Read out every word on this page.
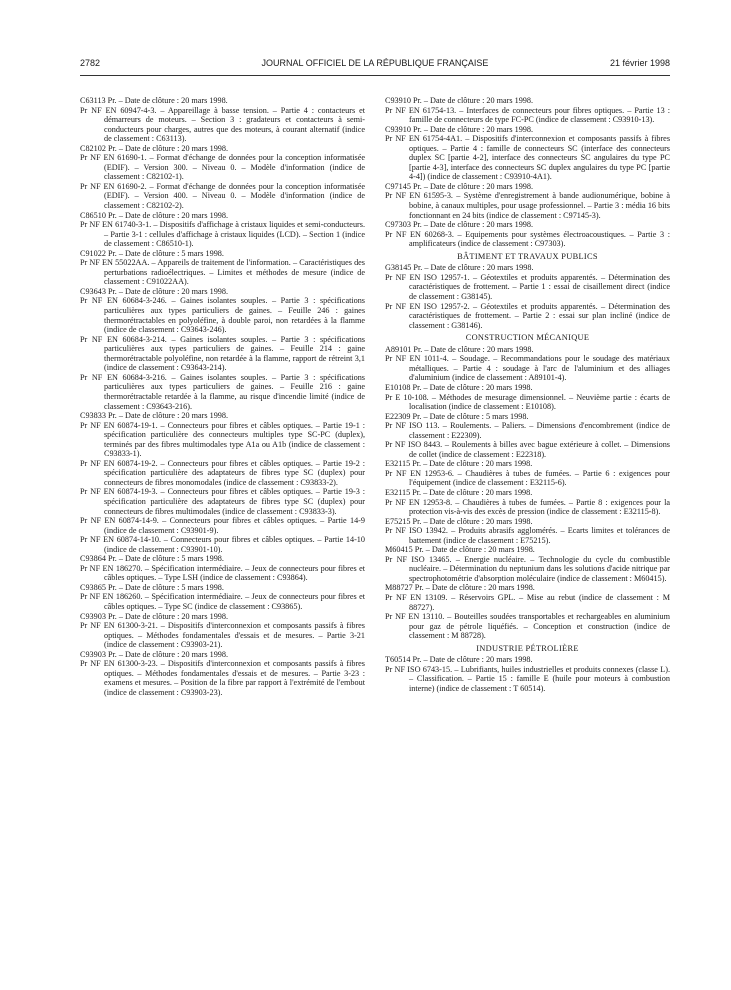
2782	JOURNAL OFFICIEL DE LA RÉPUBLIQUE FRANÇAISE	21 février 1998
C63113 Pr. – Date de clôture : 20 mars 1998.
Pr NF EN 60947-4-3. – Appareillage à basse tension. – Partie 4 : contacteurs et démarreurs de moteurs. – Section 3 : gradateurs et contacteurs à semi-conducteurs pour charges, autres que des moteurs, à courant alternatif (indice de classement : C63113).
C82102 Pr. – Date de clôture : 20 mars 1998.
Pr NF EN 61690-1. – Format d'échange de données pour la conception informatisée (EDIF). – Version 300. – Niveau 0. – Modèle d'information (indice de classement : C82102-1).
Pr NF EN 61690-2. – Format d'échange de données pour la conception informatisée (EDIF). – Version 400. – Niveau 0. – Modèle d'information (indice de classement : C82102-2).
C86510 Pr. – Date de clôture : 20 mars 1998.
Pr NF EN 61740-3-1. – Dispositifs d'affichage à cristaux liquides et semi-conducteurs. – Partie 3-1 : cellules d'affichage à cristaux liquides (LCD). – Section 1 (indice de classement : C86510-1).
C91022 Pr. – Date de clôture : 5 mars 1998.
Pr NF EN 55022AA. – Appareils de traitement de l'information. – Caractéristiques des perturbations radioélectriques. – Limites et méthodes de mesure (indice de classement : C91022AA).
C93643 Pr. – Date de clôture : 20 mars 1998.
Pr NF EN 60684-3-246. – Gaines isolantes souples. – Partie 3 : spécifications particulières aux types particuliers de gaines. – Feuille 246 : gaines thermorétractables en polyoléfine, à double paroi, non retardées à la flamme (indice de classement : C93643-246).
Pr NF EN 60684-3-214. – Gaines isolantes souples. – Partie 3 : spécifications particulières aux types particuliers de gaines. – Feuille 214 : gaine thermorétractable polyoléfine, non retardée à la flamme, rapport de rétreint 3,1 (indice de classement : C93643-214).
Pr NF EN 60684-3-216. – Gaines isolantes souples. – Partie 3 : spécifications particulières aux types particuliers de gaines. – Feuille 216 : gaine thermorétractable retardée à la flamme, au risque d'incendie limité (indice de classement : C93643-216).
C93833 Pr. – Date de clôture : 20 mars 1998.
Pr NF EN 60874-19-1. – Connecteurs pour fibres et câbles optiques. – Partie 19-1 : spécification particulière des connecteurs multiples type SC-PC (duplex), terminés par des fibres multimodales type A1a ou A1b (indice de classement : C93833-1).
Pr NF EN 60874-19-2. – Connecteurs pour fibres et câbles optiques. – Partie 19-2 : spécification particulière des adaptateurs de fibres type SC (duplex) pour connecteurs de fibres monomodales (indice de classement : C93833-2).
Pr NF EN 60874-19-3. – Connecteurs pour fibres et câbles optiques. – Partie 19-3 : spécification particulière des adaptateurs de fibres type SC (duplex) pour connecteurs de fibres multimodales (indice de classement : C93833-3).
Pr NF EN 60874-14-9. – Connecteurs pour fibres et câbles optiques. – Partie 14-9 (indice de classement : C93901-9).
Pr NF EN 60874-14-10. – Connecteurs pour fibres et câbles optiques. – Partie 14-10 (indice de classement : C93901-10).
C93864 Pr. – Date de clôture : 5 mars 1998.
Pr NF EN 186270. – Spécification intermédiaire. – Jeux de connecteurs pour fibres et câbles optiques. – Type LSH (indice de classement : C93864).
C93865 Pr. – Date de clôture : 5 mars 1998.
Pr NF EN 186260. – Spécification intermédiaire. – Jeux de connecteurs pour fibres et câbles optiques. – Type SC (indice de classement : C93865).
C93903 Pr. – Date de clôture : 20 mars 1998.
Pr NF EN 61300-3-21. – Dispositifs d'interconnexion et composants passifs à fibres optiques. – Méthodes fondamentales d'essais et de mesures. – Partie 3-21 (indice de classement : C93903-21).
C93903 Pr. – Date de clôture : 20 mars 1998.
Pr NF EN 61300-3-23. – Dispositifs d'interconnexion et composants passifs à fibres optiques. – Méthodes fondamentales d'essais et de mesures. – Partie 3-23 : examens et mesures. – Position de la fibre par rapport à l'extrémité de l'embout (indice de classement : C93903-23).
C93910 Pr. – Date de clôture : 20 mars 1998.
Pr NF EN 61754-13. – Interfaces de connecteurs pour fibres optiques. – Partie 13 : famille de connecteurs de type FC-PC (indice de classement : C93910-13).
C93910 Pr. – Date de clôture : 20 mars 1998.
Pr NF EN 61754-4A1. – Dispositifs d'interconnexion et composants passifs à fibres optiques. – Partie 4 : famille de connecteurs SC (interface des connecteurs duplex SC [partie 4-2], interface des connecteurs SC angulaires du type PC [partie 4-3], interface des connecteurs SC duplex angulaires du type PC [partie 4-4]) (indice de classement : C93910-4A1).
C97145 Pr. – Date de clôture : 20 mars 1998.
Pr NF EN 61595-3. – Système d'enregistrement à bande audionumérique, bobine à bobine, à canaux multiples, pour usage professionnel. – Partie 3 : média 16 bits fonctionnant en 24 bits (indice de classement : C97145-3).
C97303 Pr. – Date de clôture : 20 mars 1998.
Pr NF EN 60268-3. – Equipements pour systèmes électroacoustiques. – Partie 3 : amplificateurs (indice de classement : C97303).
BÂTIMENT ET TRAVAUX PUBLICS
G38145 Pr. – Date de clôture : 20 mars 1998.
Pr NF EN ISO 12957-1. – Géotextiles et produits apparentés. – Détermination des caractéristiques de frottement. – Partie 1 : essai de cisaillement direct (indice de classement : G38145).
Pr NF EN ISO 12957-2. – Géotextiles et produits apparentés. – Détermination des caractéristiques de frottement. – Partie 2 : essai sur plan incliné (indice de classement : G38146).
CONSTRUCTION MÉCANIQUE
A89101 Pr. – Date de clôture : 20 mars 1998.
Pr NF EN 1011-4. – Soudage. – Recommandations pour le soudage des matériaux métalliques. – Partie 4 : soudage à l'arc de l'aluminium et des alliages d'aluminium (indice de classement : A89101-4).
E10108 Pr. – Date de clôture : 20 mars 1998.
Pr E 10-108. – Méthodes de mesurage dimensionnel. – Neuvième partie : écarts de localisation (indice de classement : E10108).
E22309 Pr. – Date de clôture : 5 mars 1998.
Pr NF ISO 113. – Roulements. – Paliers. – Dimensions d'encombrement (indice de classement : E22309).
Pr NF ISO 8443. – Roulements à billes avec bague extérieure à collet. – Dimensions de collet (indice de classement : E22318).
E32115 Pr. – Date de clôture : 20 mars 1998.
Pr NF EN 12953-6. – Chaudières à tubes de fumées. – Partie 6 : exigences pour l'équipement (indice de classement : E32115-6).
E32115 Pr. – Date de clôture : 20 mars 1998.
Pr NF EN 12953-8. – Chaudières à tubes de fumées. – Partie 8 : exigences pour la protection vis-à-vis des excès de pression (indice de classement : E32115-8).
E75215 Pr. – Date de clôture : 20 mars 1998.
Pr NF ISO 13942. – Produits abrasifs agglomérés. – Ecarts limites et tolérances de battement (indice de classement : E75215).
M60415 Pr. – Date de clôture : 20 mars 1998.
Pr NF ISO 13465. – Energie nucléaire. – Technologie du cycle du combustible nucléaire. – Détermination du neptunium dans les solutions d'acide nitrique par spectrophotométrie d'absorption moléculaire (indice de classement : M60415).
M88727 Pr. – Date de clôture : 20 mars 1998.
Pr NF EN 13109. – Réservoirs GPL. – Mise au rebut (indice de classement : M 88727).
Pr NF EN 13110. – Bouteilles soudées transportables et rechargeables en aluminium pour gaz de pétrole liquéfiés. – Conception et construction (indice de classement : M 88728).
INDUSTRIE PÉTROLIÈRE
T60514 Pr. – Date de clôture : 20 mars 1998.
Pr NF ISO 6743-15. – Lubrifiants, huiles industrielles et produits connexes (classe L). – Classification. – Partie 15 : famille E (huile pour moteurs à combustion interne) (indice de classement : T 60514).
